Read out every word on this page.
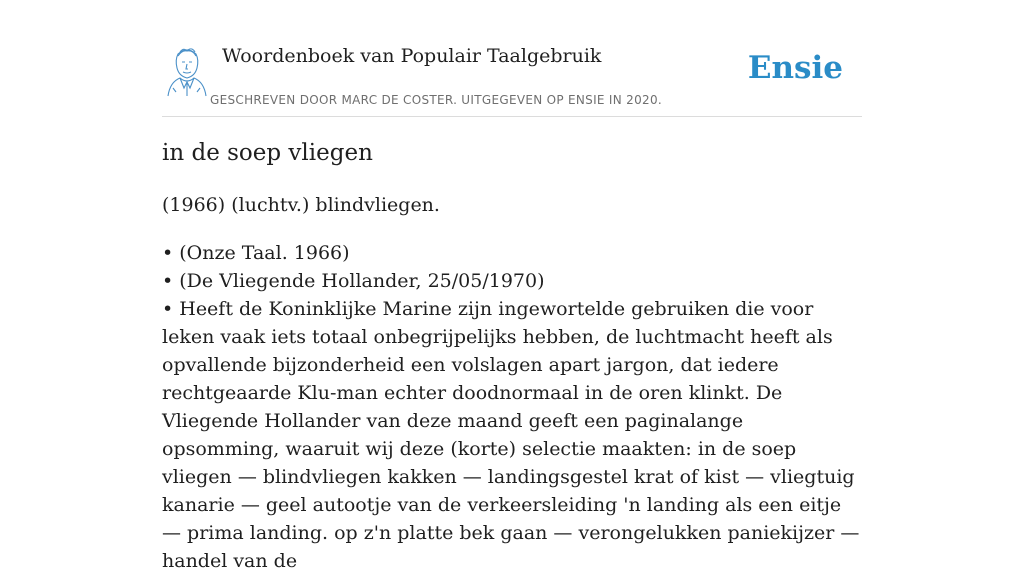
Woordenboek van Populair Taalgebruik
GESCHREVEN DOOR MARC DE COSTER. UITGEGEVEN OP ENSIE IN 2020.
Ensie
in de soep vliegen
(1966) (luchtv.) blindvliegen.
• (Onze Taal. 1966)
• (De Vliegende Hollander, 25/05/1970)
• Heeft de Koninklijke Marine zijn ingewortelde gebruiken die voor leken vaak iets totaal onbegrijpelijks hebben, de luchtmacht heeft als opvallende bijzonderheid een volslagen apart jargon, dat iedere rechtgeaarde Klu-man echter doodnormaal in de oren klinkt. De Vliegende Hollander van deze maand geeft een paginalange opsomming, waaruit wij deze (korte) selectie maakten: in de soep vliegen — blindvliegen kakken — landingsgestel krat of kist — vliegtuig kanarie — geel autootje van de verkeersleiding 'n landing als een eitje — prima landing. op z'n platte bek gaan — verongelukken paniekijzer — handel van de
